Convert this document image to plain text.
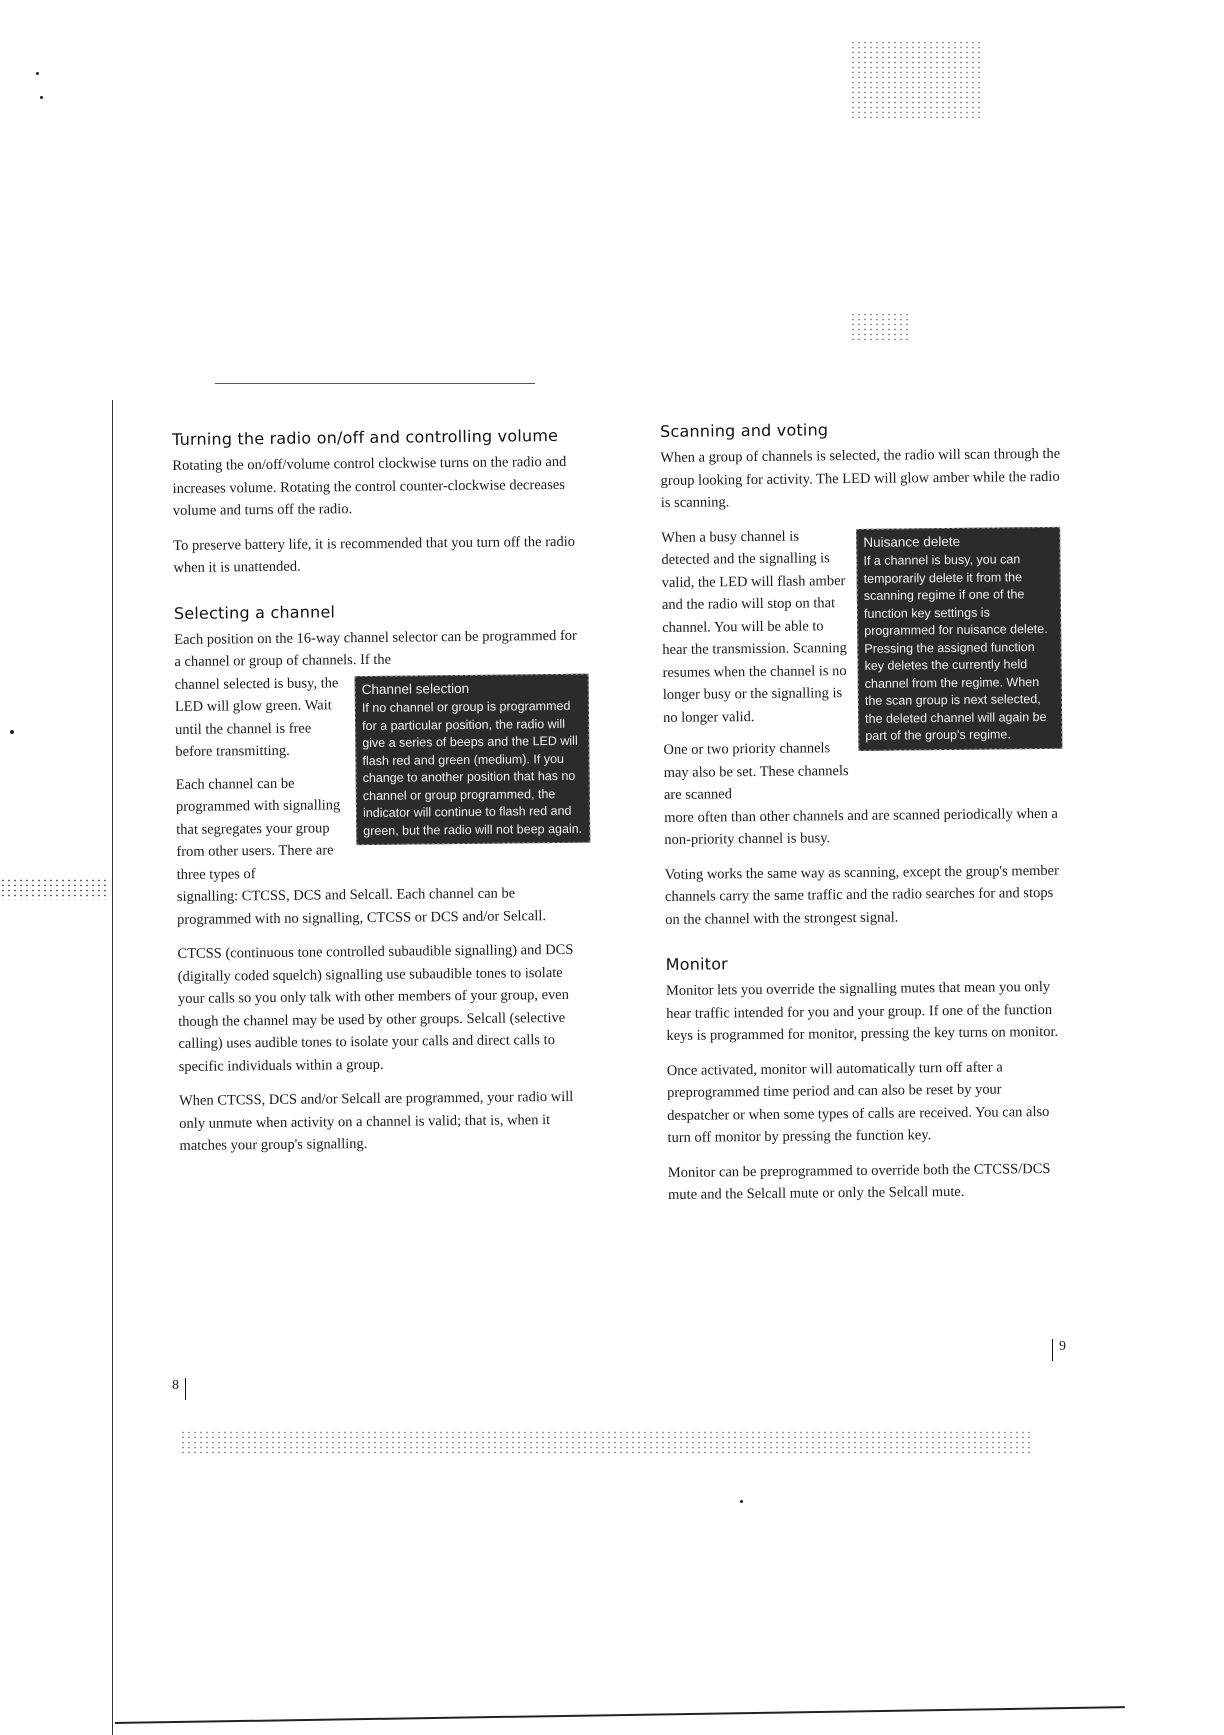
Turning the radio on/off and controlling volume

Rotating the on/off/volume control clockwise turns on the radio and increases volume. Rotating the control counter-clockwise decreases volume and turns off the radio.

To preserve battery life, it is recommended that you turn off the radio when it is unattended.

Selecting a channel

Each position on the 16-way channel selector can be programmed for a channel or group of channels. If the

channel selected is busy, the LED will glow green. Wait until the channel is free before transmitting.

Each channel can be programmed with signalling that segregates your group from other users. There are three types of

Channel selection
If no channel or group is programmed for a particular position, the radio will give a series of beeps and the LED will flash red and green (medium). If you change to another position that has no channel or group programmed, the indicator will continue to flash red and green, but the radio will not beep again.

signalling: CTCSS, DCS and Selcall. Each channel can be programmed with no signalling, CTCSS or DCS and/or Selcall.

CTCSS (continuous tone controlled subaudible signalling) and DCS (digitally coded squelch) signalling use subaudible tones to isolate your calls so you only talk with other members of your group, even though the channel may be used by other groups. Selcall (selective calling) uses audible tones to isolate your calls and direct calls to specific individuals within a group.

When CTCSS, DCS and/or Selcall are programmed, your radio will only unmute when activity on a channel is valid; that is, when it matches your group's signalling.

Scanning and voting

When a group of channels is selected, the radio will scan through the group looking for activity. The LED will glow amber while the radio is scanning.

When a busy channel is detected and the signalling is valid, the LED will flash amber and the radio will stop on that channel. You will be able to hear the transmission. Scanning resumes when the channel is no longer busy or the signalling is no longer valid.

One or two priority channels may also be set. These channels are scanned

Nuisance delete
If a channel is busy, you can temporarily delete it from the scanning regime if one of the function key settings is programmed for nuisance delete. Pressing the assigned function key deletes the currently held channel from the regime. When the scan group is next selected, the deleted channel will again be part of the group's regime.

more often than other channels and are scanned periodically when a non-priority channel is busy.

Voting works the same way as scanning, except the group's member channels carry the same traffic and the radio searches for and stops on the channel with the strongest signal.

Monitor

Monitor lets you override the signalling mutes that mean you only hear traffic intended for you and your group. If one of the function keys is programmed for monitor, pressing the key turns on monitor.

Once activated, monitor will automatically turn off after a preprogrammed time period and can also be reset by your despatcher or when some types of calls are received. You can also turn off monitor by pressing the function key.

Monitor can be preprogrammed to override both the CTCSS/DCS mute and the Selcall mute or only the Selcall mute.

8
9
